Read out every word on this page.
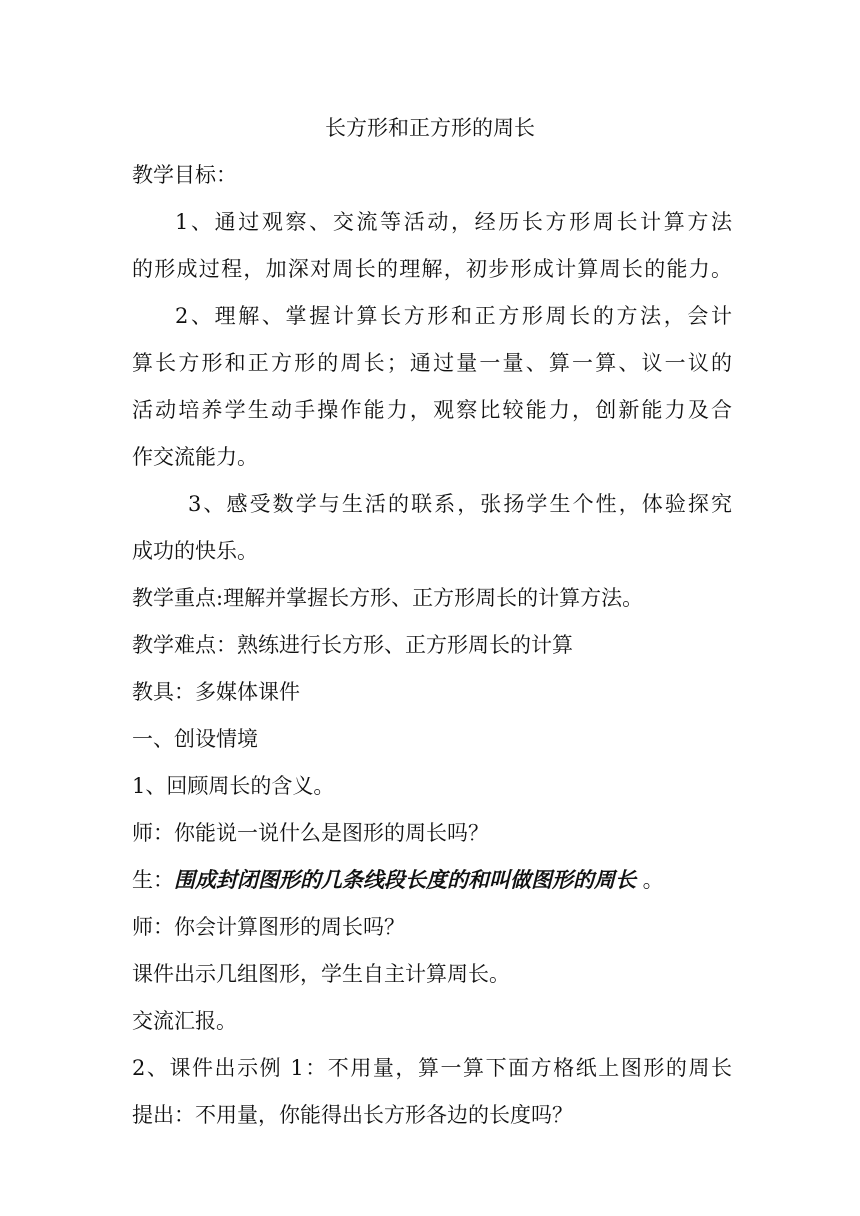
长方形和正方形的周长
教学目标：
1、通过观察、交流等活动，经历长方形周长计算方法
的形成过程，加深对周长的理解，初步形成计算周长的能力。
2、理解、掌握计算长方形和正方形周长的方法，会计
算长方形和正方形的周长；通过量一量、算一算、议一议的
活动培养学生动手操作能力，观察比较能力，创新能力及合
作交流能力。
3、感受数学与生活的联系，张扬学生个性，体验探究
成功的快乐。
教学重点:理解并掌握长方形、正方形周长的计算方法。
教学难点：熟练进行长方形、正方形周长的计算
教具：多媒体课件
一、创设情境
1、回顾周长的含义。
师：你能说一说什么是图形的周长吗？
生：围成封闭图形的几条线段长度的和叫做图形的周长 。
师：你会计算图形的周长吗？
课件出示几组图形，学生自主计算周长。
交流汇报。
2、课件出示例 1：不用量，算一算下面方格纸上图形的周长
提出：不用量，你能得出长方形各边的长度吗？
